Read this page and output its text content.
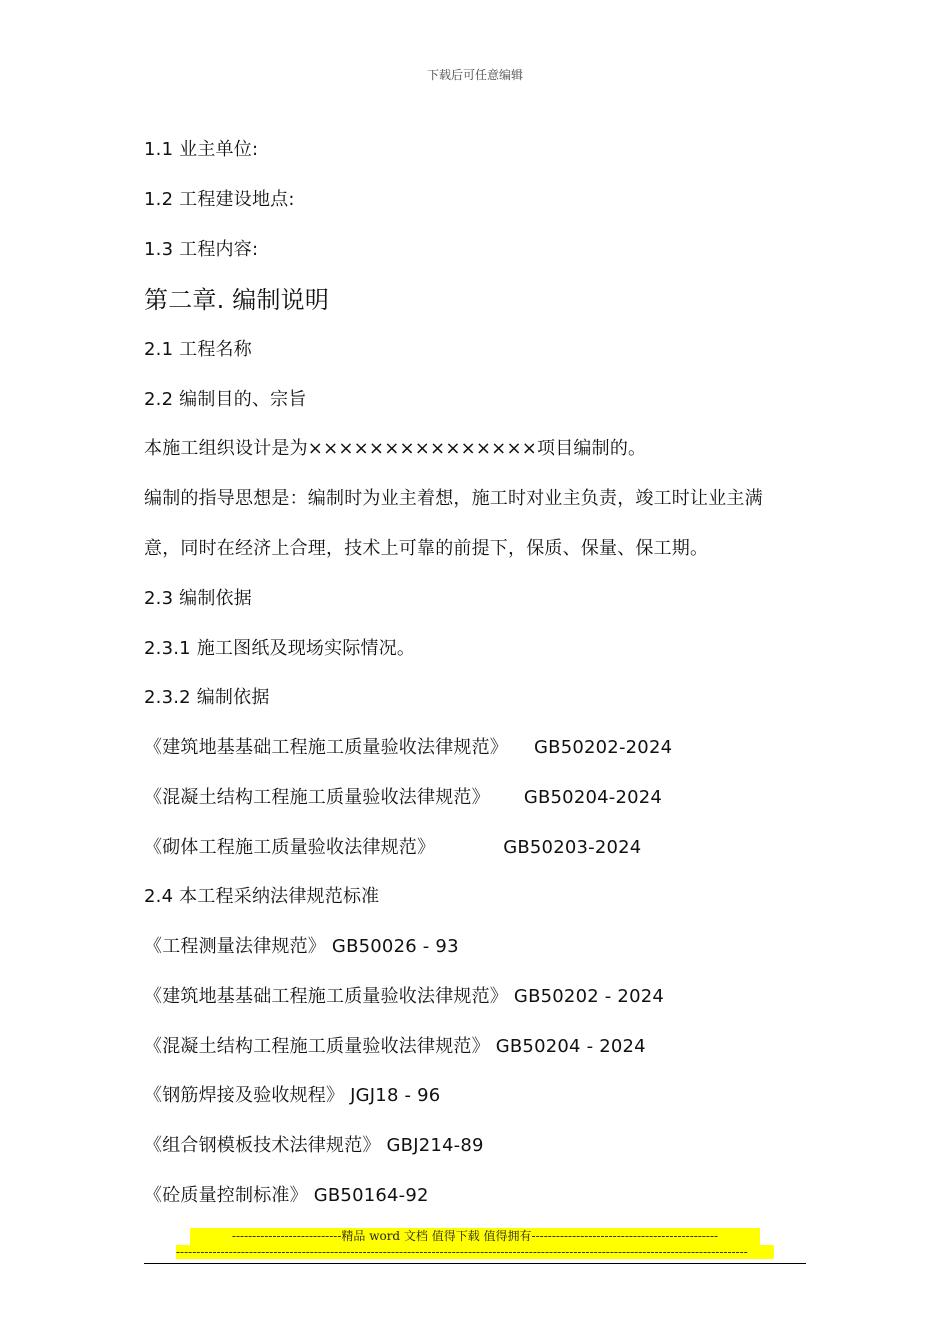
下载后可任意编辑
1.1 业主单位:
1.2 工程建设地点:
1.3 工程内容:
第二章. 编制说明
2.1 工程名称
2.2 编制目的、宗旨
本施工组织设计是为×××××××××××××××项目编制的。
编制的指导思想是：编制时为业主着想，施工时对业主负责，竣工时让业主满
意，同时在经济上合理，技术上可靠的前提下，保质、保量、保工期。
2.3 编制依据
2.3.1 施工图纸及现场实际情况。
2.3.2 编制依据
《建筑地基基础工程施工质量验收法律规范》 GB50202-2024
《混凝土结构工程施工质量验收法律规范》 GB50204-2024
《砌体工程施工质量验收法律规范》	GB50203-2024
2.4 本工程采纳法律规范标准
《工程测量法律规范》 GB50026 - 93
《建筑地基基础工程施工质量验收法律规范》 GB50202 - 2024
《混凝土结构工程施工质量验收法律规范》 GB50204 - 2024
《钢筋焊接及验收规程》 JGJ18 - 96
《组合钢模板技术法律规范》 GBJ214-89
《砼质量控制标准》 GB50164-92
---------------------------精品 word 文档 值得下载 值得拥有----------------------------------------------
---------------------------------------------------------------------------------------------------------------------------------------------
